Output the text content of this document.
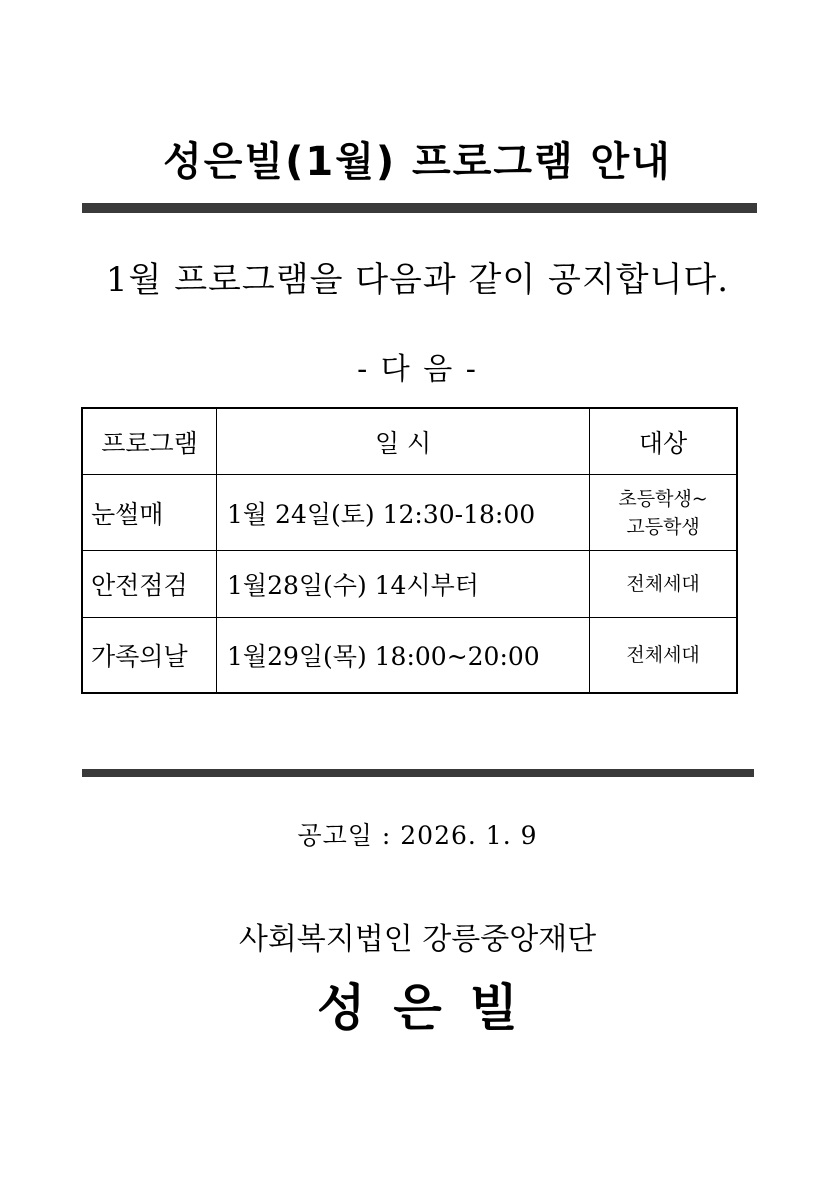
성은빌(1월) 프로그램 안내
1월 프로그램을 다음과 같이 공지합니다.
- 다 음 -
프로그램	일 시	대상
눈썰매	1월 24일(토) 12:30-18:00	초등학생~
고등학생

안전점검	1월28일(수) 14시부터	전체세대

가족의날	1월29일(목) 18:00~20:00	전체세대
공고일 : 2026. 1. 9
사회복지법인 강릉중앙재단
성은빌
